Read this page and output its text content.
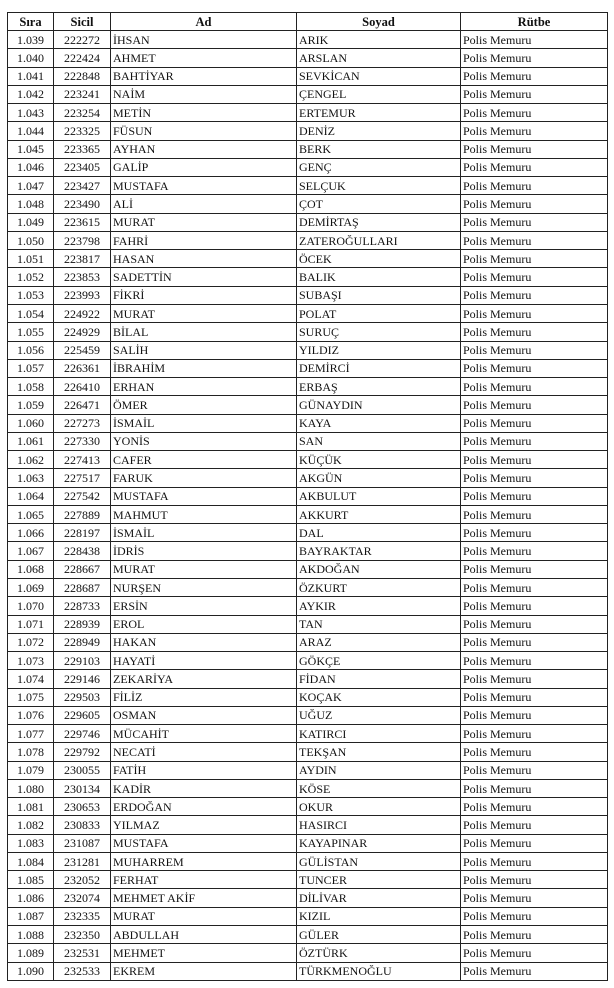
Sıra	Sicil	Ad	Soyad	Rütbe
1.039	222272	İHSAN	ARIK	Polis Memuru
1.040	222424	AHMET	ARSLAN	Polis Memuru
1.041	222848	BAHTİYAR	SEVKİCAN	Polis Memuru
1.042	223241	NAİM	ÇENGEL	Polis Memuru
1.043	223254	METİN	ERTEMUR	Polis Memuru
1.044	223325	FÜSUN	DENİZ	Polis Memuru
1.045	223365	AYHAN	BERK	Polis Memuru
1.046	223405	GALİP	GENÇ	Polis Memuru
1.047	223427	MUSTAFA	SELÇUK	Polis Memuru
1.048	223490	ALİ	ÇOT	Polis Memuru
1.049	223615	MURAT	DEMİRTAŞ	Polis Memuru
1.050	223798	FAHRİ	ZATEROĞULLARI	Polis Memuru
1.051	223817	HASAN	ÖCEK	Polis Memuru
1.052	223853	SADETTİN	BALIK	Polis Memuru
1.053	223993	FİKRİ	SUBAŞI	Polis Memuru
1.054	224922	MURAT	POLAT	Polis Memuru
1.055	224929	BİLAL	SURUÇ	Polis Memuru
1.056	225459	SALİH	YILDIZ	Polis Memuru
1.057	226361	İBRAHİM	DEMİRCİ	Polis Memuru
1.058	226410	ERHAN	ERBAŞ	Polis Memuru
1.059	226471	ÖMER	GÜNAYDIN	Polis Memuru
1.060	227273	İSMAİL	KAYA	Polis Memuru
1.061	227330	YONİS	SAN	Polis Memuru
1.062	227413	CAFER	KÜÇÜK	Polis Memuru
1.063	227517	FARUK	AKGÜN	Polis Memuru
1.064	227542	MUSTAFA	AKBULUT	Polis Memuru
1.065	227889	MAHMUT	AKKURT	Polis Memuru
1.066	228197	İSMAİL	DAL	Polis Memuru
1.067	228438	İDRİS	BAYRAKTAR	Polis Memuru
1.068	228667	MURAT	AKDOĞAN	Polis Memuru
1.069	228687	NURŞEN	ÖZKURT	Polis Memuru
1.070	228733	ERSİN	AYKIR	Polis Memuru
1.071	228939	EROL	TAN	Polis Memuru
1.072	228949	HAKAN	ARAZ	Polis Memuru
1.073	229103	HAYATİ	GÖKÇE	Polis Memuru
1.074	229146	ZEKARİYA	FİDAN	Polis Memuru
1.075	229503	FİLİZ	KOÇAK	Polis Memuru
1.076	229605	OSMAN	UĞUZ	Polis Memuru
1.077	229746	MÜCAHİT	KATIRCI	Polis Memuru
1.078	229792	NECATİ	TEKŞAN	Polis Memuru
1.079	230055	FATİH	AYDIN	Polis Memuru
1.080	230134	KADİR	KÖSE	Polis Memuru
1.081	230653	ERDOĞAN	OKUR	Polis Memuru
1.082	230833	YILMAZ	HASIRCI	Polis Memuru
1.083	231087	MUSTAFA	KAYAPINAR	Polis Memuru
1.084	231281	MUHARREM	GÜLİSTAN	Polis Memuru
1.085	232052	FERHAT	TUNCER	Polis Memuru
1.086	232074	MEHMET AKİF	DİLİVAR	Polis Memuru
1.087	232335	MURAT	KIZIL	Polis Memuru
1.088	232350	ABDULLAH	GÜLER	Polis Memuru
1.089	232531	MEHMET	ÖZTÜRK	Polis Memuru
1.090	232533	EKREM	TÜRKMENOĞLU	Polis Memuru
